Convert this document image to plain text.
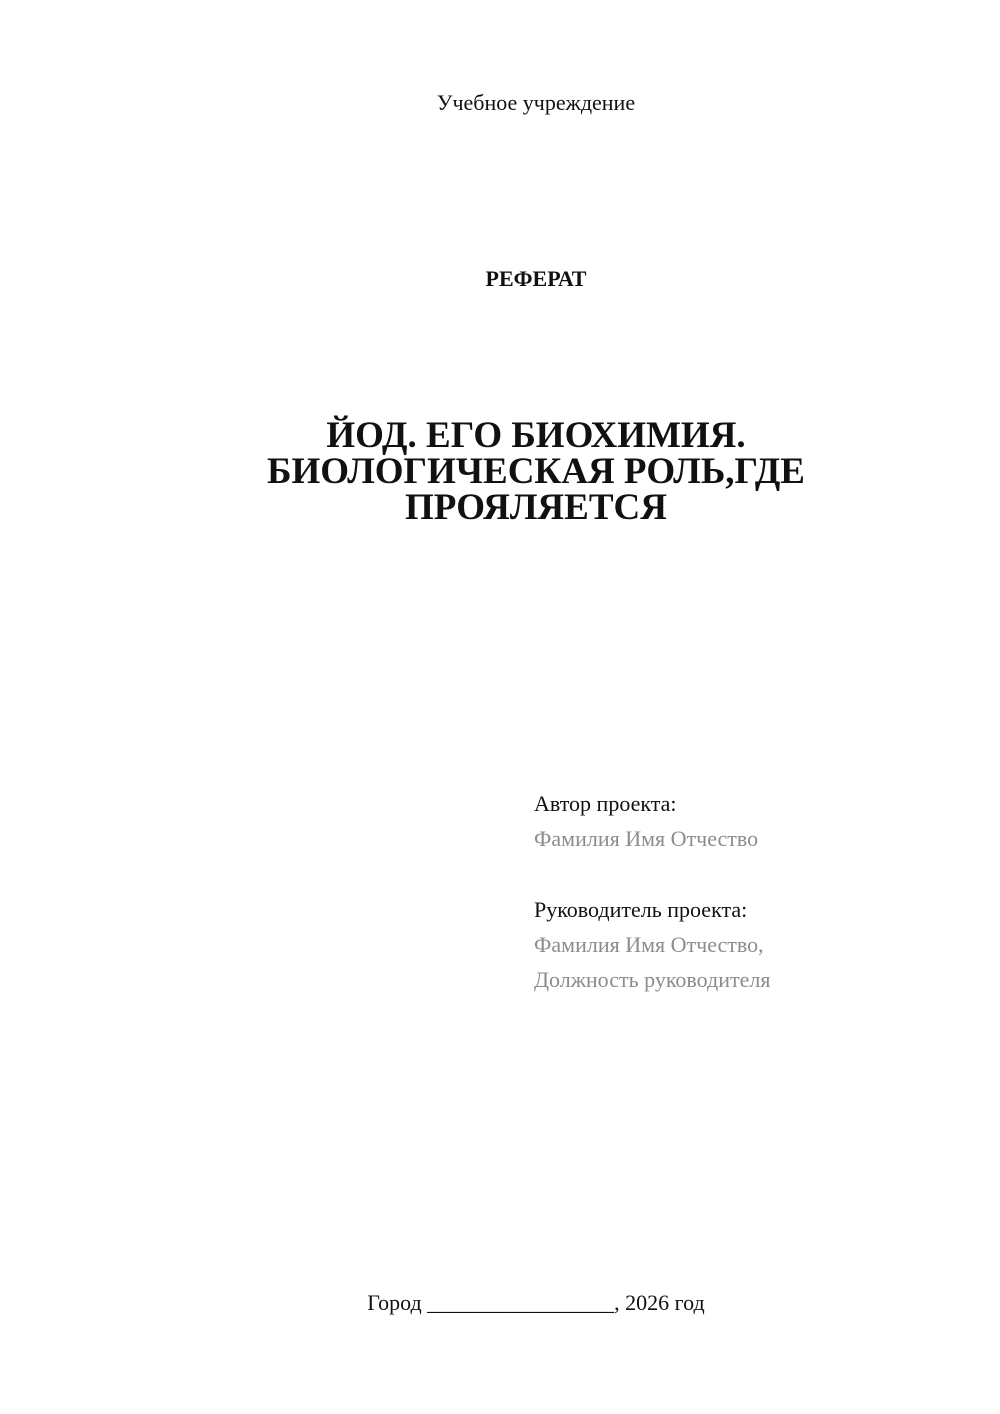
Учебное учреждение
РЕФЕРАТ
ЙОД. ЕГО БИОХИМИЯ.
БИОЛОГИЧЕСКАЯ РОЛЬ,ГДЕ
ПРОЯЛЯЕТСЯ
Автор проекта:
Фамилия Имя Отчество
Руководитель проекта:
Фамилия Имя Отчество,
Должность руководителя
Город _________________, 2026 год
